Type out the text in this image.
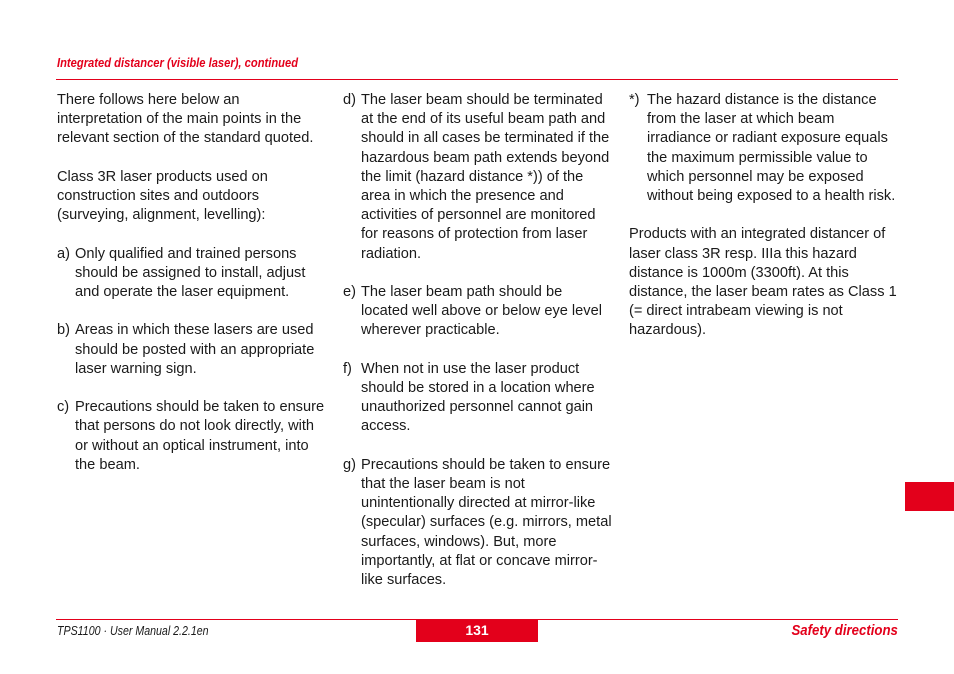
Integrated distancer (visible laser), continued

There follows here below an interpretation of the main points in the relevant section of the standard quoted.

Class 3R laser products used on construction sites and outdoors (surveying, alignment, levelling):

a) Only qualified and trained persons should be assigned to install, adjust and operate the laser equipment.
b) Areas in which these lasers are used should be posted with an appropriate laser warning sign.
c) Precautions should be taken to ensure that persons do not look directly, with or without an optical instrument, into the beam.
d) The laser beam should be terminated at the end of its useful beam path and should in all cases be terminated if the hazardous beam path extends beyond the limit (hazard distance *)) of the area in which the presence and activities of personnel are monitored for reasons of protection from laser radiation.
e) The laser beam path should be located well above or below eye level wherever practicable.
f) When not in use the laser product should be stored in a location where unauthorized personnel cannot gain access.
g) Precautions should be taken to ensure that the laser beam is not unintentionally directed at mirror-like (specular) surfaces (e.g. mirrors, metal surfaces, windows). But, more importantly, at flat or concave mirror-like surfaces.
*) The hazard distance is the distance from the laser at which beam irradiance or radiant exposure equals the maximum permissible value to which personnel may be exposed without being exposed to a health risk.

Products with an integrated distancer of laser class 3R resp. IIIa this hazard distance is 1000m (3300ft). At this distance, the laser beam rates as Class 1 (= direct intrabeam viewing is not hazardous).

TPS1100 · User Manual 2.2.1en	131	Safety directions
